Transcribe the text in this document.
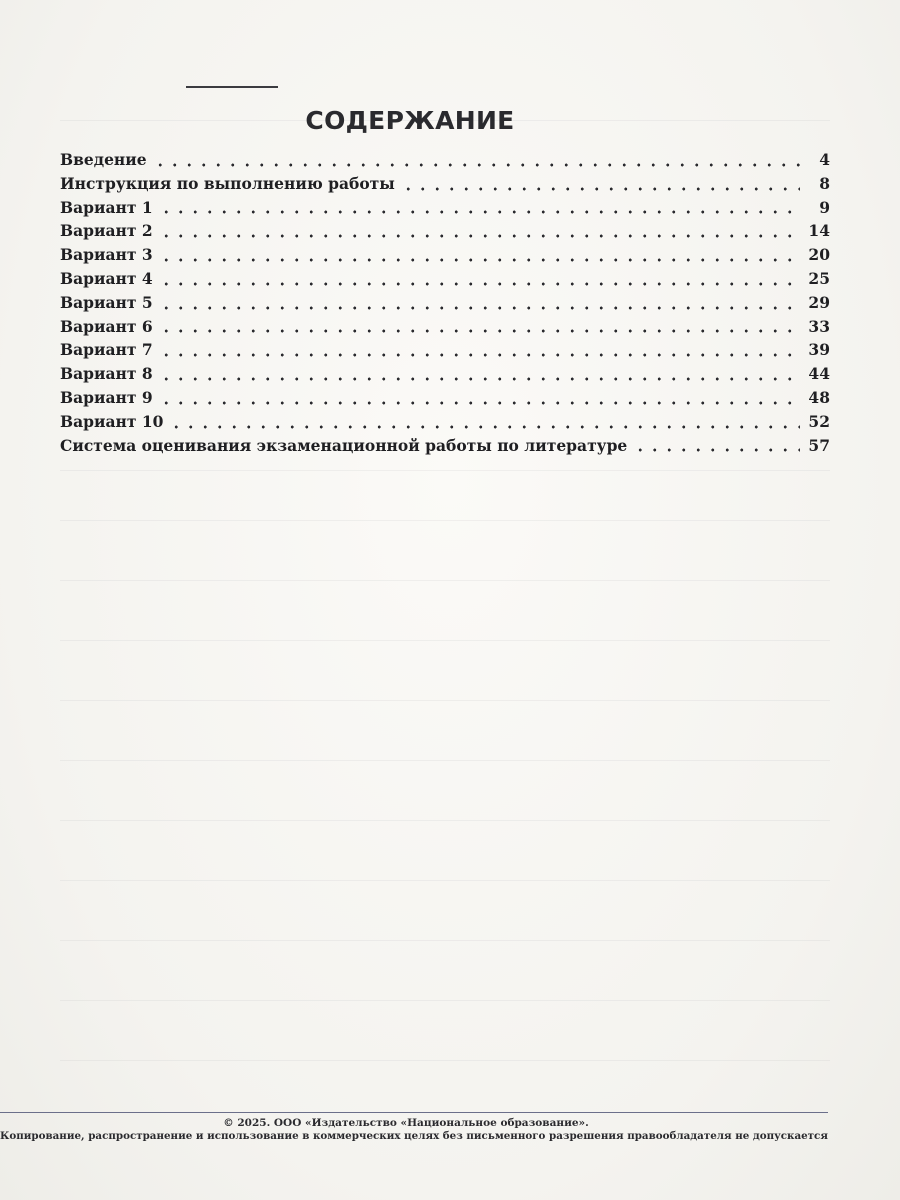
СОДЕРЖАНИЕ
Введение	4
Инструкция по выполнению работы	8
Вариант 1	9
Вариант 2	14
Вариант 3	20
Вариант 4	25
Вариант 5	29
Вариант 6	33
Вариант 7	39
Вариант 8	44
Вариант 9	48
Вариант 10	52
Система оценивания экзаменационной работы по литературе	57
© 2025. ООО «Издательство «Национальное образование».
Копирование, распространение и использование в коммерческих целях без письменного разрешения правообладателя не допускается
